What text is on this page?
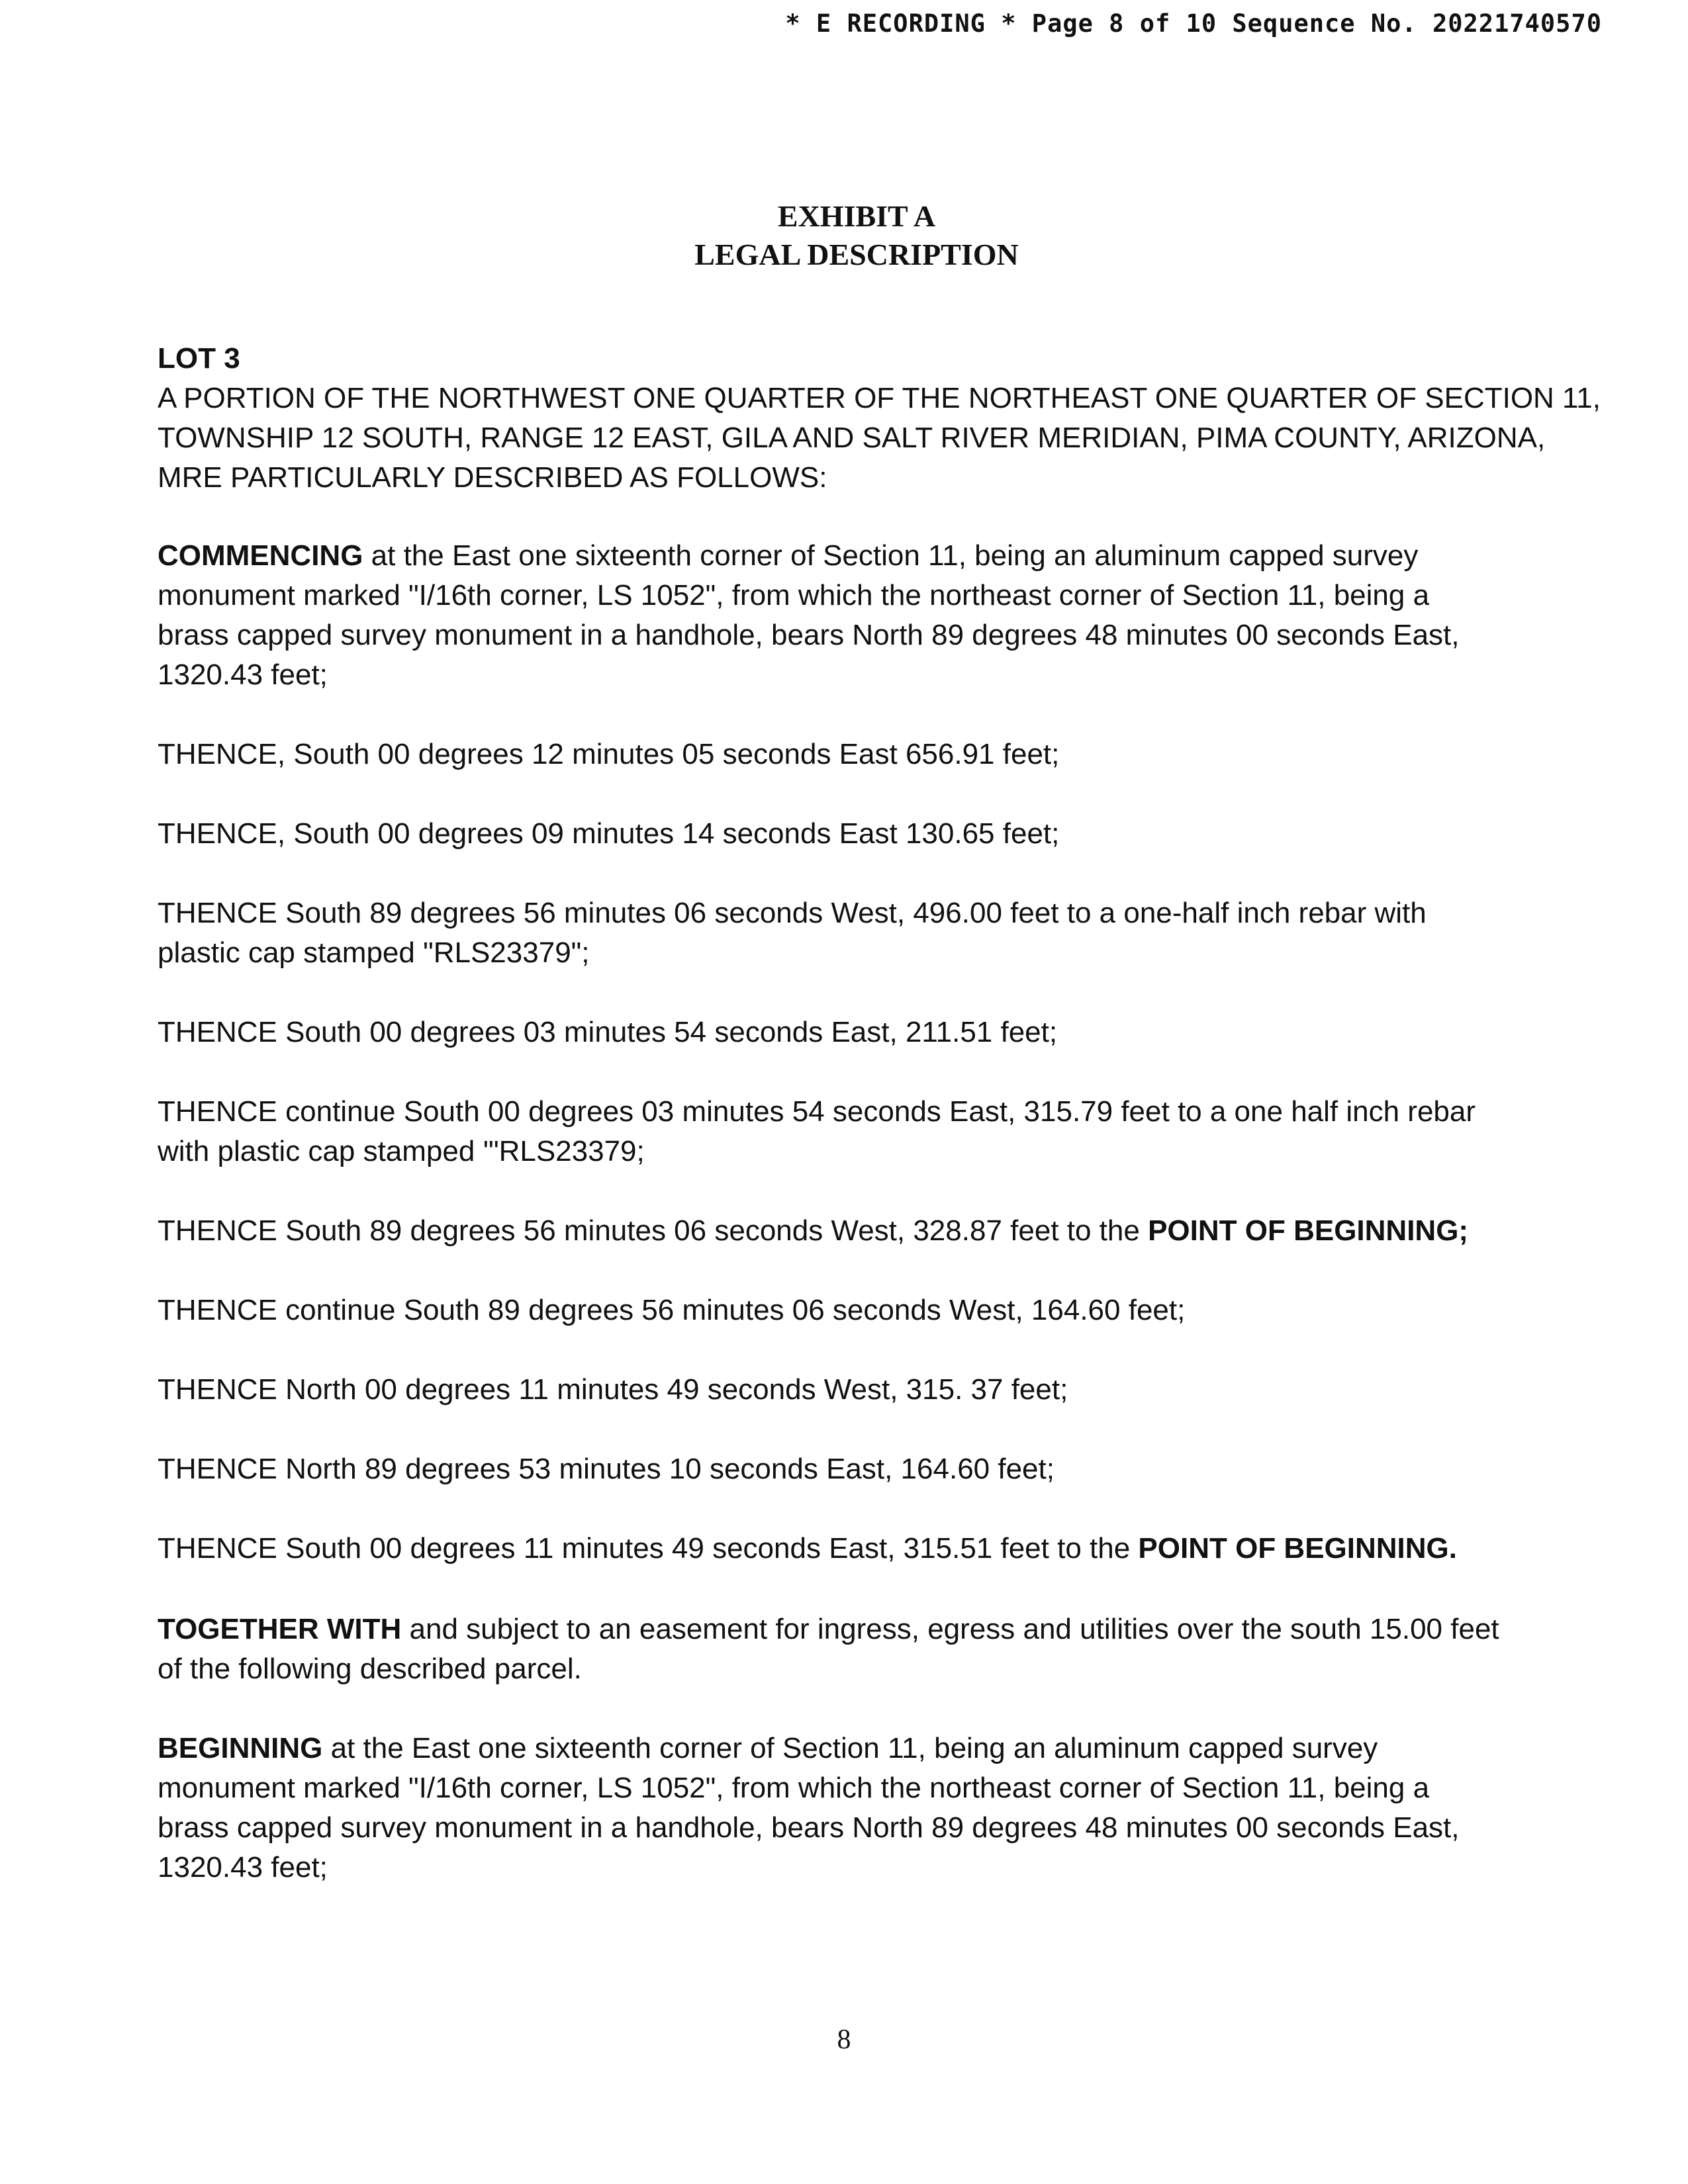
* E RECORDING * Page 8 of 10 Sequence No. 20221740570
EXHIBIT A
LEGAL DESCRIPTION
LOT 3
A PORTION OF THE NORTHWEST ONE QUARTER OF THE NORTHEAST ONE QUARTER OF SECTION 11,
TOWNSHIP 12 SOUTH, RANGE 12 EAST, GILA AND SALT RIVER MERIDIAN, PIMA COUNTY, ARIZONA,
MRE PARTICULARLY DESCRIBED AS FOLLOWS:
COMMENCING at the East one sixteenth corner of Section 11, being an aluminum capped survey
monument marked "I/16th corner, LS 1052", from which the northeast corner of Section 11, being a
brass capped survey monument in a handhole, bears North 89 degrees 48 minutes 00 seconds East,
1320.43 feet;
THENCE, South 00 degrees 12 minutes 05 seconds East 656.91 feet;
THENCE, South 00 degrees 09 minutes 14 seconds East 130.65 feet;
THENCE South 89 degrees 56 minutes 06 seconds West, 496.00 feet to a one-half inch rebar with
plastic cap stamped "RLS23379";
THENCE South 00 degrees 03 minutes 54 seconds East, 211.51 feet;
THENCE continue South 00 degrees 03 minutes 54 seconds East, 315.79 feet to a one half inch rebar
with plastic cap stamped '"RLS23379;
THENCE South 89 degrees 56 minutes 06 seconds West, 328.87 feet to the POINT OF BEGINNING;
THENCE continue South 89 degrees 56 minutes 06 seconds West, 164.60 feet;
THENCE North 00 degrees 11 minutes 49 seconds West, 315. 37 feet;
THENCE North 89 degrees 53 minutes 10 seconds East, 164.60 feet;
THENCE South 00 degrees 11 minutes 49 seconds East, 315.51 feet to the POINT OF BEGINNING.
TOGETHER WITH and subject to an easement for ingress, egress and utilities over the south 15.00 feet
of the following described parcel.
BEGINNING at the East one sixteenth corner of Section 11, being an aluminum capped survey
monument marked "I/16th corner, LS 1052", from which the northeast corner of Section 11, being a
brass capped survey monument in a handhole, bears North 89 degrees 48 minutes 00 seconds East,
1320.43 feet;
8
